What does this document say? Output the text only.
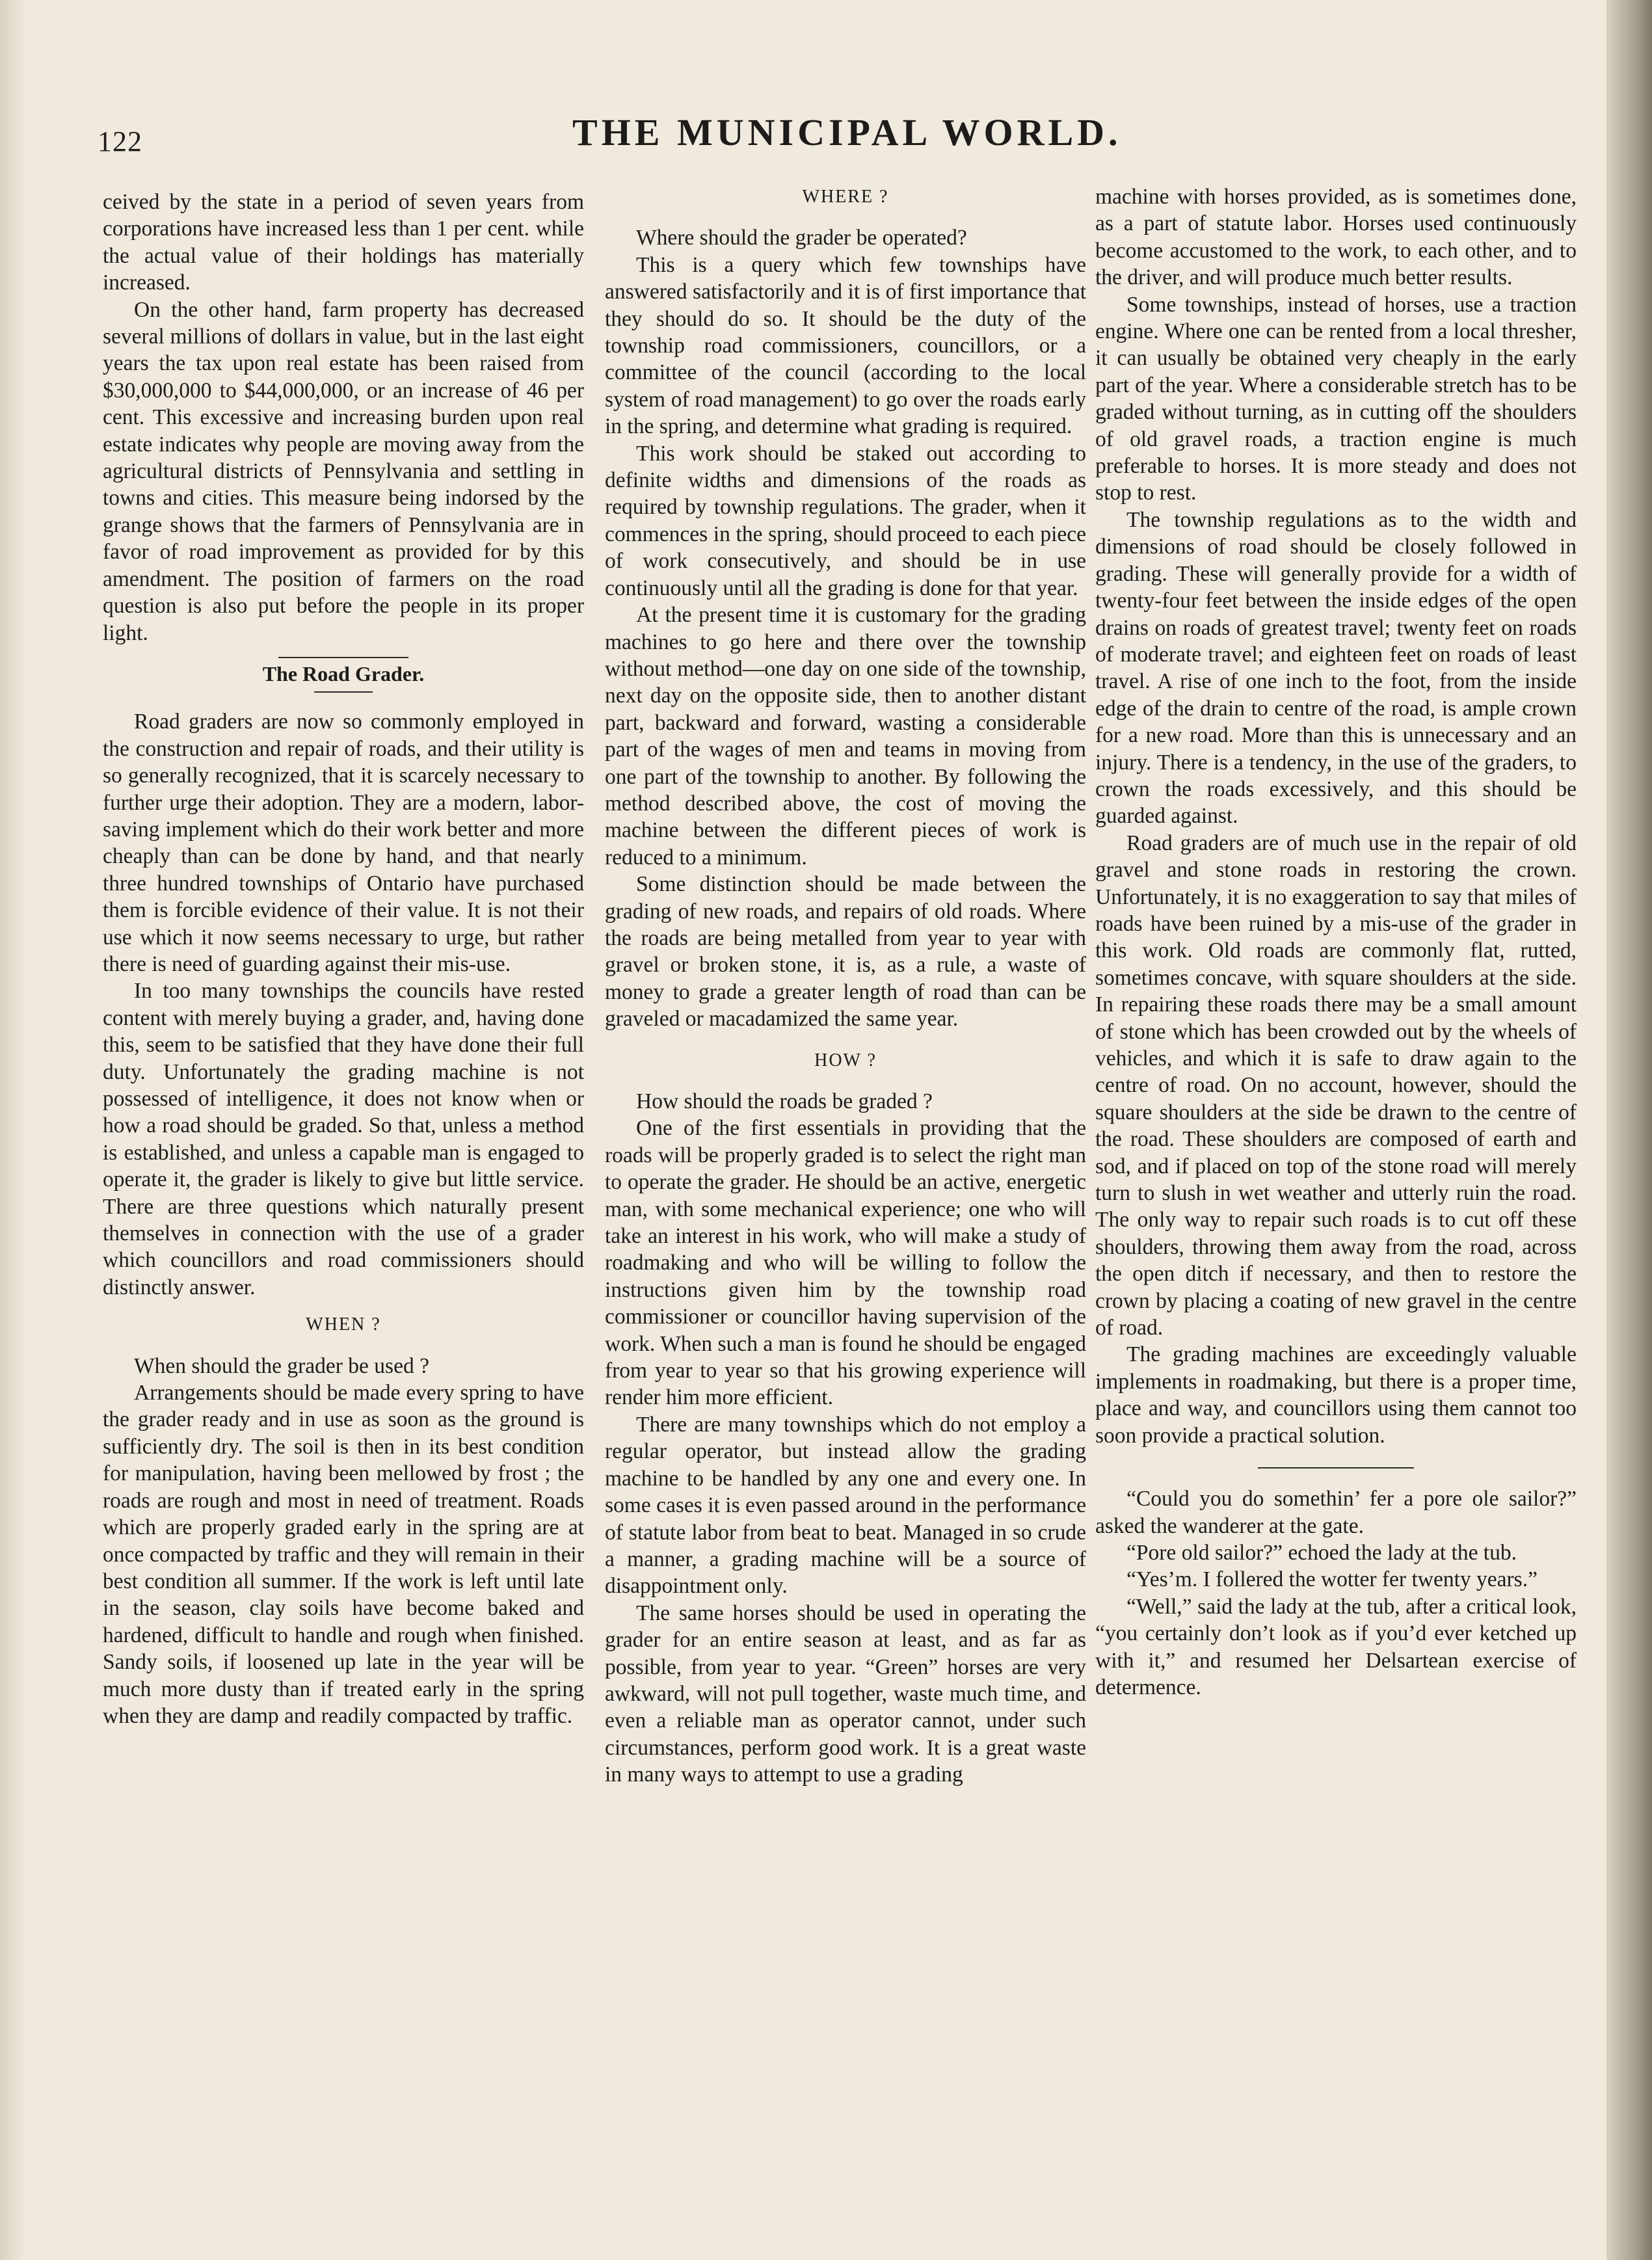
122	THE MUNICIPAL WORLD.

ceived by the state in a period of seven years from corporations have increased less than 1 per cent. while the actual value of their holdings has materially increased.

On the other hand, farm property has decreased several millions of dollars in value, but in the last eight years the tax upon real estate has been raised from $30,000,000 to $44,000,000, or an increase of 46 per cent. This excessive and increasing burden upon real estate indicates why people are moving away from the agricultural districts of Pennsylvania and settling in towns and cities. This measure being indorsed by the grange shows that the farmers of Pennsylvania are in favor of road improvement as provided for by this amendment. The position of farmers on the road question is also put before the people in its proper light.

The Road Grader.

Road graders are now so commonly employed in the construction and repair of roads, and their utility is so generally recognized, that it is scarcely necessary to further urge their adoption. They are a modern, labor-saving implement which do their work better and more cheaply than can be done by hand, and that nearly three hundred townships of Ontario have purchased them is forcible evidence of their value. It is not their use which it now seems necessary to urge, but rather there is need of guarding against their mis-use.

In too many townships the councils have rested content with merely buying a grader, and, having done this, seem to be satisfied that they have done their full duty. Unfortunately the grading machine is not possessed of intelligence, it does not know when or how a road should be graded. So that, unless a method is established, and unless a capable man is engaged to operate it, the grader is likely to give but little service. There are three questions which naturally present themselves in connection with the use of a grader which councillors and road commissioners should distinctly answer.

WHEN ?

When should the grader be used ?

Arrangements should be made every spring to have the grader ready and in use as soon as the ground is sufficiently dry. The soil is then in its best condition for manipulation, having been mellowed by frost ; the roads are rough and most in need of treatment. Roads which are properly graded early in the spring are at once compacted by traffic and they will remain in their best condition all summer. If the work is left until late in the season, clay soils have become baked and hardened, difficult to handle and rough when finished. Sandy soils, if loosened up late in the year will be much more dusty than if treated early in the spring when they are damp and readily compacted by traffic.

WHERE ?

Where should the grader be operated?

This is a query which few townships have answered satisfactorily and it is of first importance that they should do so. It should be the duty of the township road commissioners, councillors, or a committee of the council (according to the local system of road management) to go over the roads early in the spring, and determine what grading is required.

This work should be staked out according to definite widths and dimensions of the roads as required by township regulations. The grader, when it commences in the spring, should proceed to each piece of work consecutively, and should be in use continuously until all the grading is done for that year.

At the present time it is customary for the grading machines to go here and there over the township without method—one day on one side of the township, next day on the opposite side, then to another distant part, backward and forward, wasting a considerable part of the wages of men and teams in moving from one part of the township to another. By following the method described above, the cost of moving the machine between the different pieces of work is reduced to a minimum.

Some distinction should be made between the grading of new roads, and repairs of old roads. Where the roads are being metalled from year to year with gravel or broken stone, it is, as a rule, a waste of money to grade a greater length of road than can be graveled or macadamized the same year.

HOW ?

How should the roads be graded ?

One of the first essentials in providing that the roads will be properly graded is to select the right man to operate the grader. He should be an active, energetic man, with some mechanical experience; one who will take an interest in his work, who will make a study of roadmaking and who will be willing to follow the instructions given him by the township road commissioner or councillor having supervision of the work. When such a man is found he should be engaged from year to year so that his growing experience will render him more efficient.

There are many townships which do not employ a regular operator, but instead allow the grading machine to be handled by any one and every one. In some cases it is even passed around in the performance of statute labor from beat to beat. Managed in so crude a manner, a grading machine will be a source of disappointment only.

The same horses should be used in operating the grader for an entire season at least, and as far as possible, from year to year. “Green” horses are very awkward, will not pull together, waste much time, and even a reliable man as operator cannot, under such circumstances, perform good work. It is a great waste in many ways to attempt to use a grading

machine with horses provided, as is sometimes done, as a part of statute labor. Horses used continuously become accustomed to the work, to each other, and to the driver, and will produce much better results.

Some townships, instead of horses, use a traction engine. Where one can be rented from a local thresher, it can usually be obtained very cheaply in the early part of the year. Where a considerable stretch has to be graded without turning, as in cutting off the shoulders of old gravel roads, a traction engine is much preferable to horses. It is more steady and does not stop to rest.

The township regulations as to the width and dimensions of road should be closely followed in grading. These will generally provide for a width of twenty-four feet between the inside edges of the open drains on roads of greatest travel; twenty feet on roads of moderate travel; and eighteen feet on roads of least travel. A rise of one inch to the foot, from the inside edge of the drain to centre of the road, is ample crown for a new road. More than this is unnecessary and an injury. There is a tendency, in the use of the graders, to crown the roads excessively, and this should be guarded against.

Road graders are of much use in the repair of old gravel and stone roads in restoring the crown. Unfortunately, it is no exaggeration to say that miles of roads have been ruined by a mis-use of the grader in this work. Old roads are commonly flat, rutted, sometimes concave, with square shoulders at the side. In repairing these roads there may be a small amount of stone which has been crowded out by the wheels of vehicles, and which it is safe to draw again to the centre of road. On no account, however, should the square shoulders at the side be drawn to the centre of the road. These shoulders are composed of earth and sod, and if placed on top of the stone road will merely turn to slush in wet weather and utterly ruin the road. The only way to repair such roads is to cut off these shoulders, throwing them away from the road, across the open ditch if necessary, and then to restore the crown by placing a coating of new gravel in the centre of road.

The grading machines are exceedingly valuable implements in roadmaking, but there is a proper time, place and way, and councillors using them cannot too soon provide a practical solution.

“Could you do somethin’ fer a pore ole sailor?” asked the wanderer at the gate.

“Pore old sailor?” echoed the lady at the tub.

“Yes’m. I follered the wotter fer twenty years.”

“Well,” said the lady at the tub, after a critical look, “you certainly don’t look as if you’d ever ketched up with it,” and resumed her Delsartean exercise of determence.
